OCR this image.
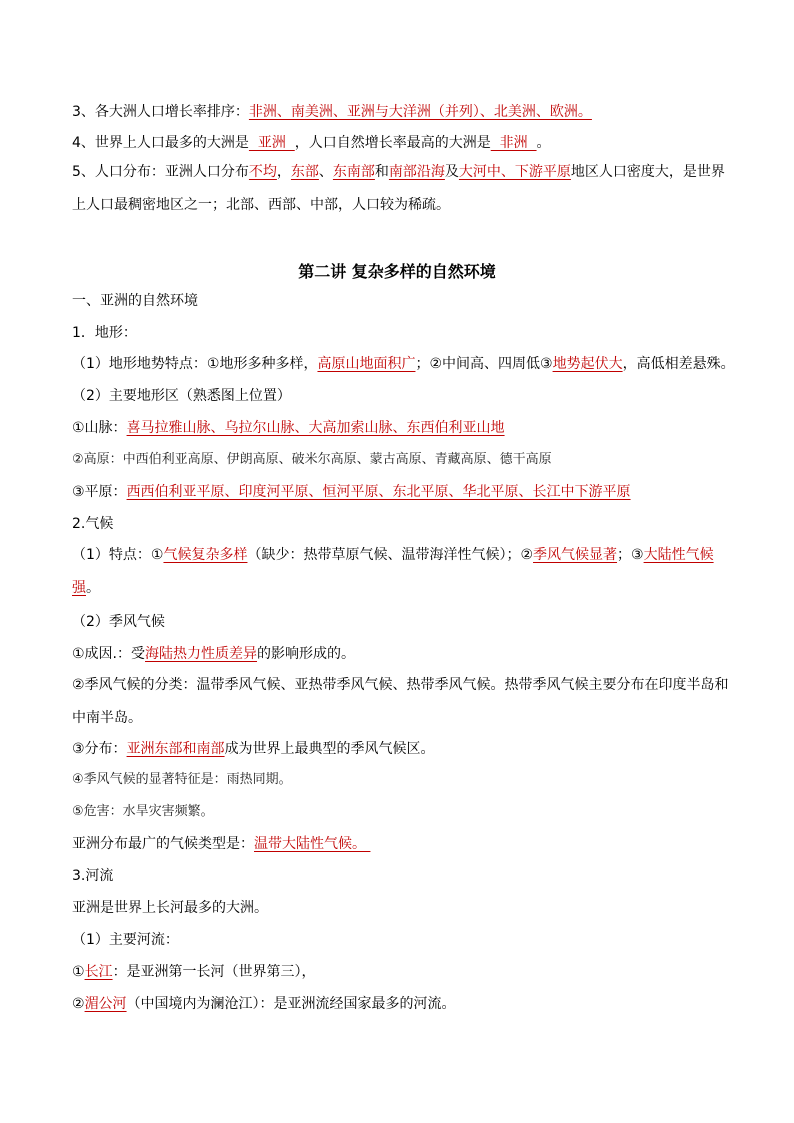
3、各大洲人口增长率排序：非洲、南美洲、亚洲与大洋洲（并列）、北美洲、欧洲。
4、世界上人口最多的大洲是  亚洲  ，人口自然增长率最高的大洲是  非洲  。
5、人口分布：亚洲人口分布不均，东部、东南部和南部沿海及大河中、下游平原地区人口密度大，是世界上人口最稠密地区之一；北部、西部、中部，人口较为稀疏。
第二讲 复杂多样的自然环境
一、亚洲的自然环境
1．地形：
（1）地形地势特点：①地形多种多样，高原山地面积广；②中间高、四周低③地势起伏大，高低相差悬殊。
（2）主要地形区（熟悉图上位置）
①山脉：喜马拉雅山脉、乌拉尔山脉、大高加索山脉、东西伯利亚山地
②高原：中西伯利亚高原、伊朗高原、破米尔高原、蒙古高原、青藏高原、德干高原
③平原：西西伯利亚平原、印度河平原、恒河平原、东北平原、华北平原、长江中下游平原
2.气候
（1）特点：①气候复杂多样（缺少：热带草原气候、温带海洋性气候）；②季风气候显著；③大陆性气候强。
（2）季风气候
①成因.：受海陆热力性质差异的影响形成的。
②季风气候的分类：温带季风气候、亚热带季风气候、热带季风气候。热带季风气候主要分布在印度半岛和中南半岛。
③分布：亚洲东部和南部成为世界上最典型的季风气候区。
④季风气候的显著特征是：雨热同期。
⑤危害：水旱灾害频繁。
亚洲分布最广的气候类型是：温带大陆性气候。
3.河流
亚洲是世界上长河最多的大洲。
（1）主要河流：
①长江：是亚洲第一长河（世界第三），
②湄公河（中国境内为澜沧江）：是亚洲流经国家最多的河流。
